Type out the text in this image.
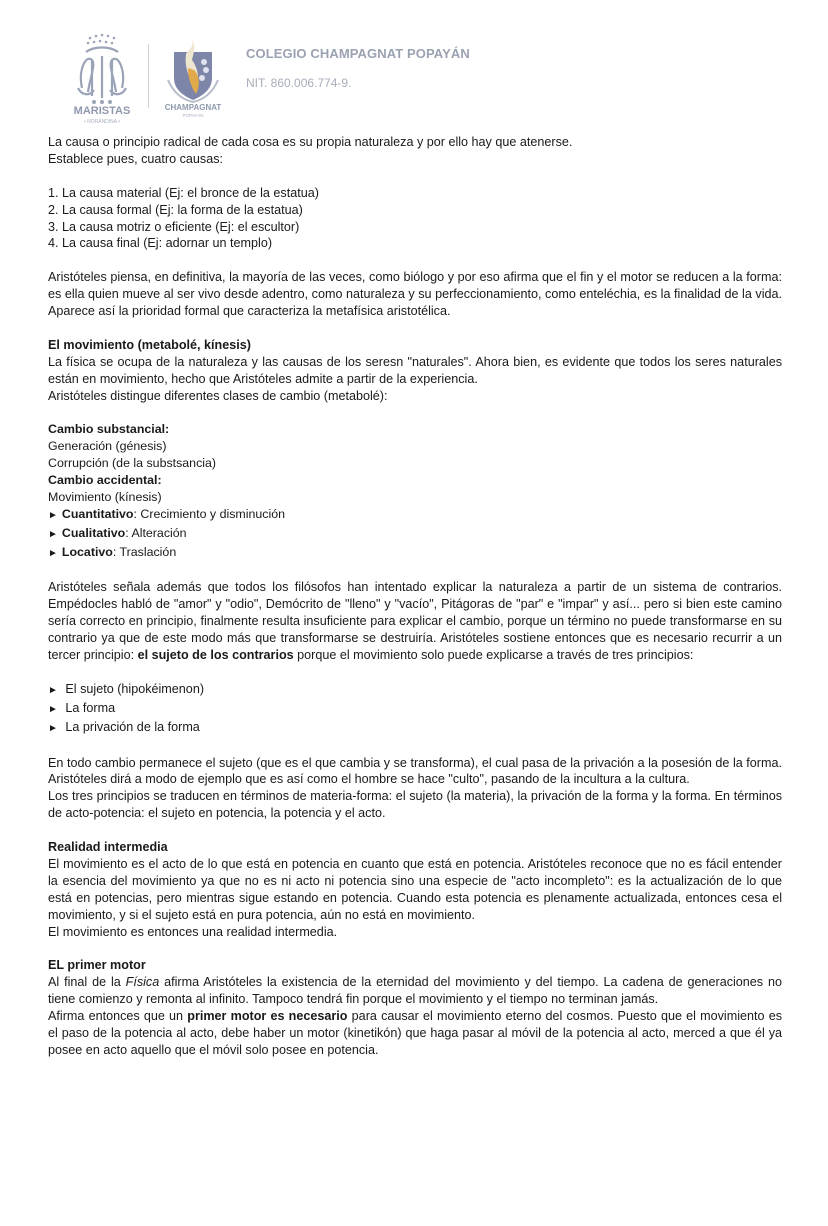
MARISTAS
• NORANDINA •
CHAMPAGNAT
POPAYÁN
COLEGIO CHAMPAGNAT POPAYÁN
NIT. 860.006.774-9.

La causa o principio radical de cada cosa es su propia naturaleza y por ello hay que atenerse.

Establece pues, cuatro causas:

1. La causa material (Ej: el bronce de la estatua)

2. La causa formal (Ej: la forma de la estatua)

3. La causa motriz o eficiente (Ej: el escultor)

4. La causa final (Ej: adornar un templo)

Aristóteles piensa, en definitiva, la mayoría de las veces, como biólogo y por eso afirma que el fin y el motor se reducen a la forma: es ella quien mueve al ser vivo desde adentro, como naturaleza y su perfeccionamiento, como enteléchia, es la finalidad de la vida. Aparece así la prioridad formal que caracteriza la metafísica aristotélica.

El movimiento (metabolé, kínesis)

La física se ocupa de la naturaleza y las causas de los seresn "naturales". Ahora bien, es evidente que todos los seres naturales están en movimiento, hecho que Aristóteles admite a partir de la experiencia.

Aristóteles distingue diferentes clases de cambio (metabolé):

Cambio substancial:

Generación (génesis)

Corrupción (de la substsancia)

Cambio accidental:

Movimiento (kínesis)

► Cuantitativo: Crecimiento y disminución

► Cualitativo: Alteración

► Locativo: Traslación

Aristóteles señala además que todos los filósofos han intentado explicar la naturaleza a partir de un sistema de contrarios. Empédocles habló de "amor" y "odio", Demócrito de "lleno" y "vacío", Pitágoras de "par" e "impar" y así... pero si bien este camino sería correcto en principio, finalmente resulta insuficiente para explicar el cambio, porque un término no puede transformarse en su contrario ya que de este modo más que transformarse se destruiría. Aristóteles sostiene entonces que es necesario recurrir a un tercer principio: el sujeto de los contrarios porque el movimiento solo puede explicarse a través de tres principios:

► El sujeto (hipokéimenon)

► La forma

► La privación de la forma

En todo cambio permanece el sujeto (que es el que cambia y se transforma), el cual pasa de la privación a la posesión de la forma. Aristóteles dirá a modo de ejemplo que es así como el hombre se hace "culto", pasando de la incultura a la cultura.

Los tres principios se traducen en términos de materia-forma: el sujeto (la materia), la privación de la forma y la forma. En términos de acto-potencia: el sujeto en potencia, la potencia y el acto.

Realidad intermedia

El movimiento es el acto de lo que está en potencia en cuanto que está en potencia. Aristóteles reconoce que no es fácil entender la esencia del movimiento ya que no es ni acto ni potencia sino una especie de "acto incompleto": es la actualización de lo que está en potencias, pero mientras sigue estando en potencia. Cuando esta potencia es plenamente actualizada, entonces cesa el movimiento, y si el sujeto está en pura potencia, aún no está en movimiento.

El movimiento es entonces una realidad intermedia.

EL primer motor

Al final de la Física afirma Aristóteles la existencia de la eternidad del movimiento y del tiempo. La cadena de generaciones no tiene comienzo y remonta al infinito. Tampoco tendrá fin porque el movimiento y el tiempo no terminan jamás.

Afirma entonces que un primer motor es necesario para causar el movimiento eterno del cosmos. Puesto que el movimiento es el paso de la potencia al acto, debe haber un motor (kinetikón) que haga pasar al móvil de la potencia al acto, merced a que él ya posee en acto aquello que el móvil solo posee en potencia.
